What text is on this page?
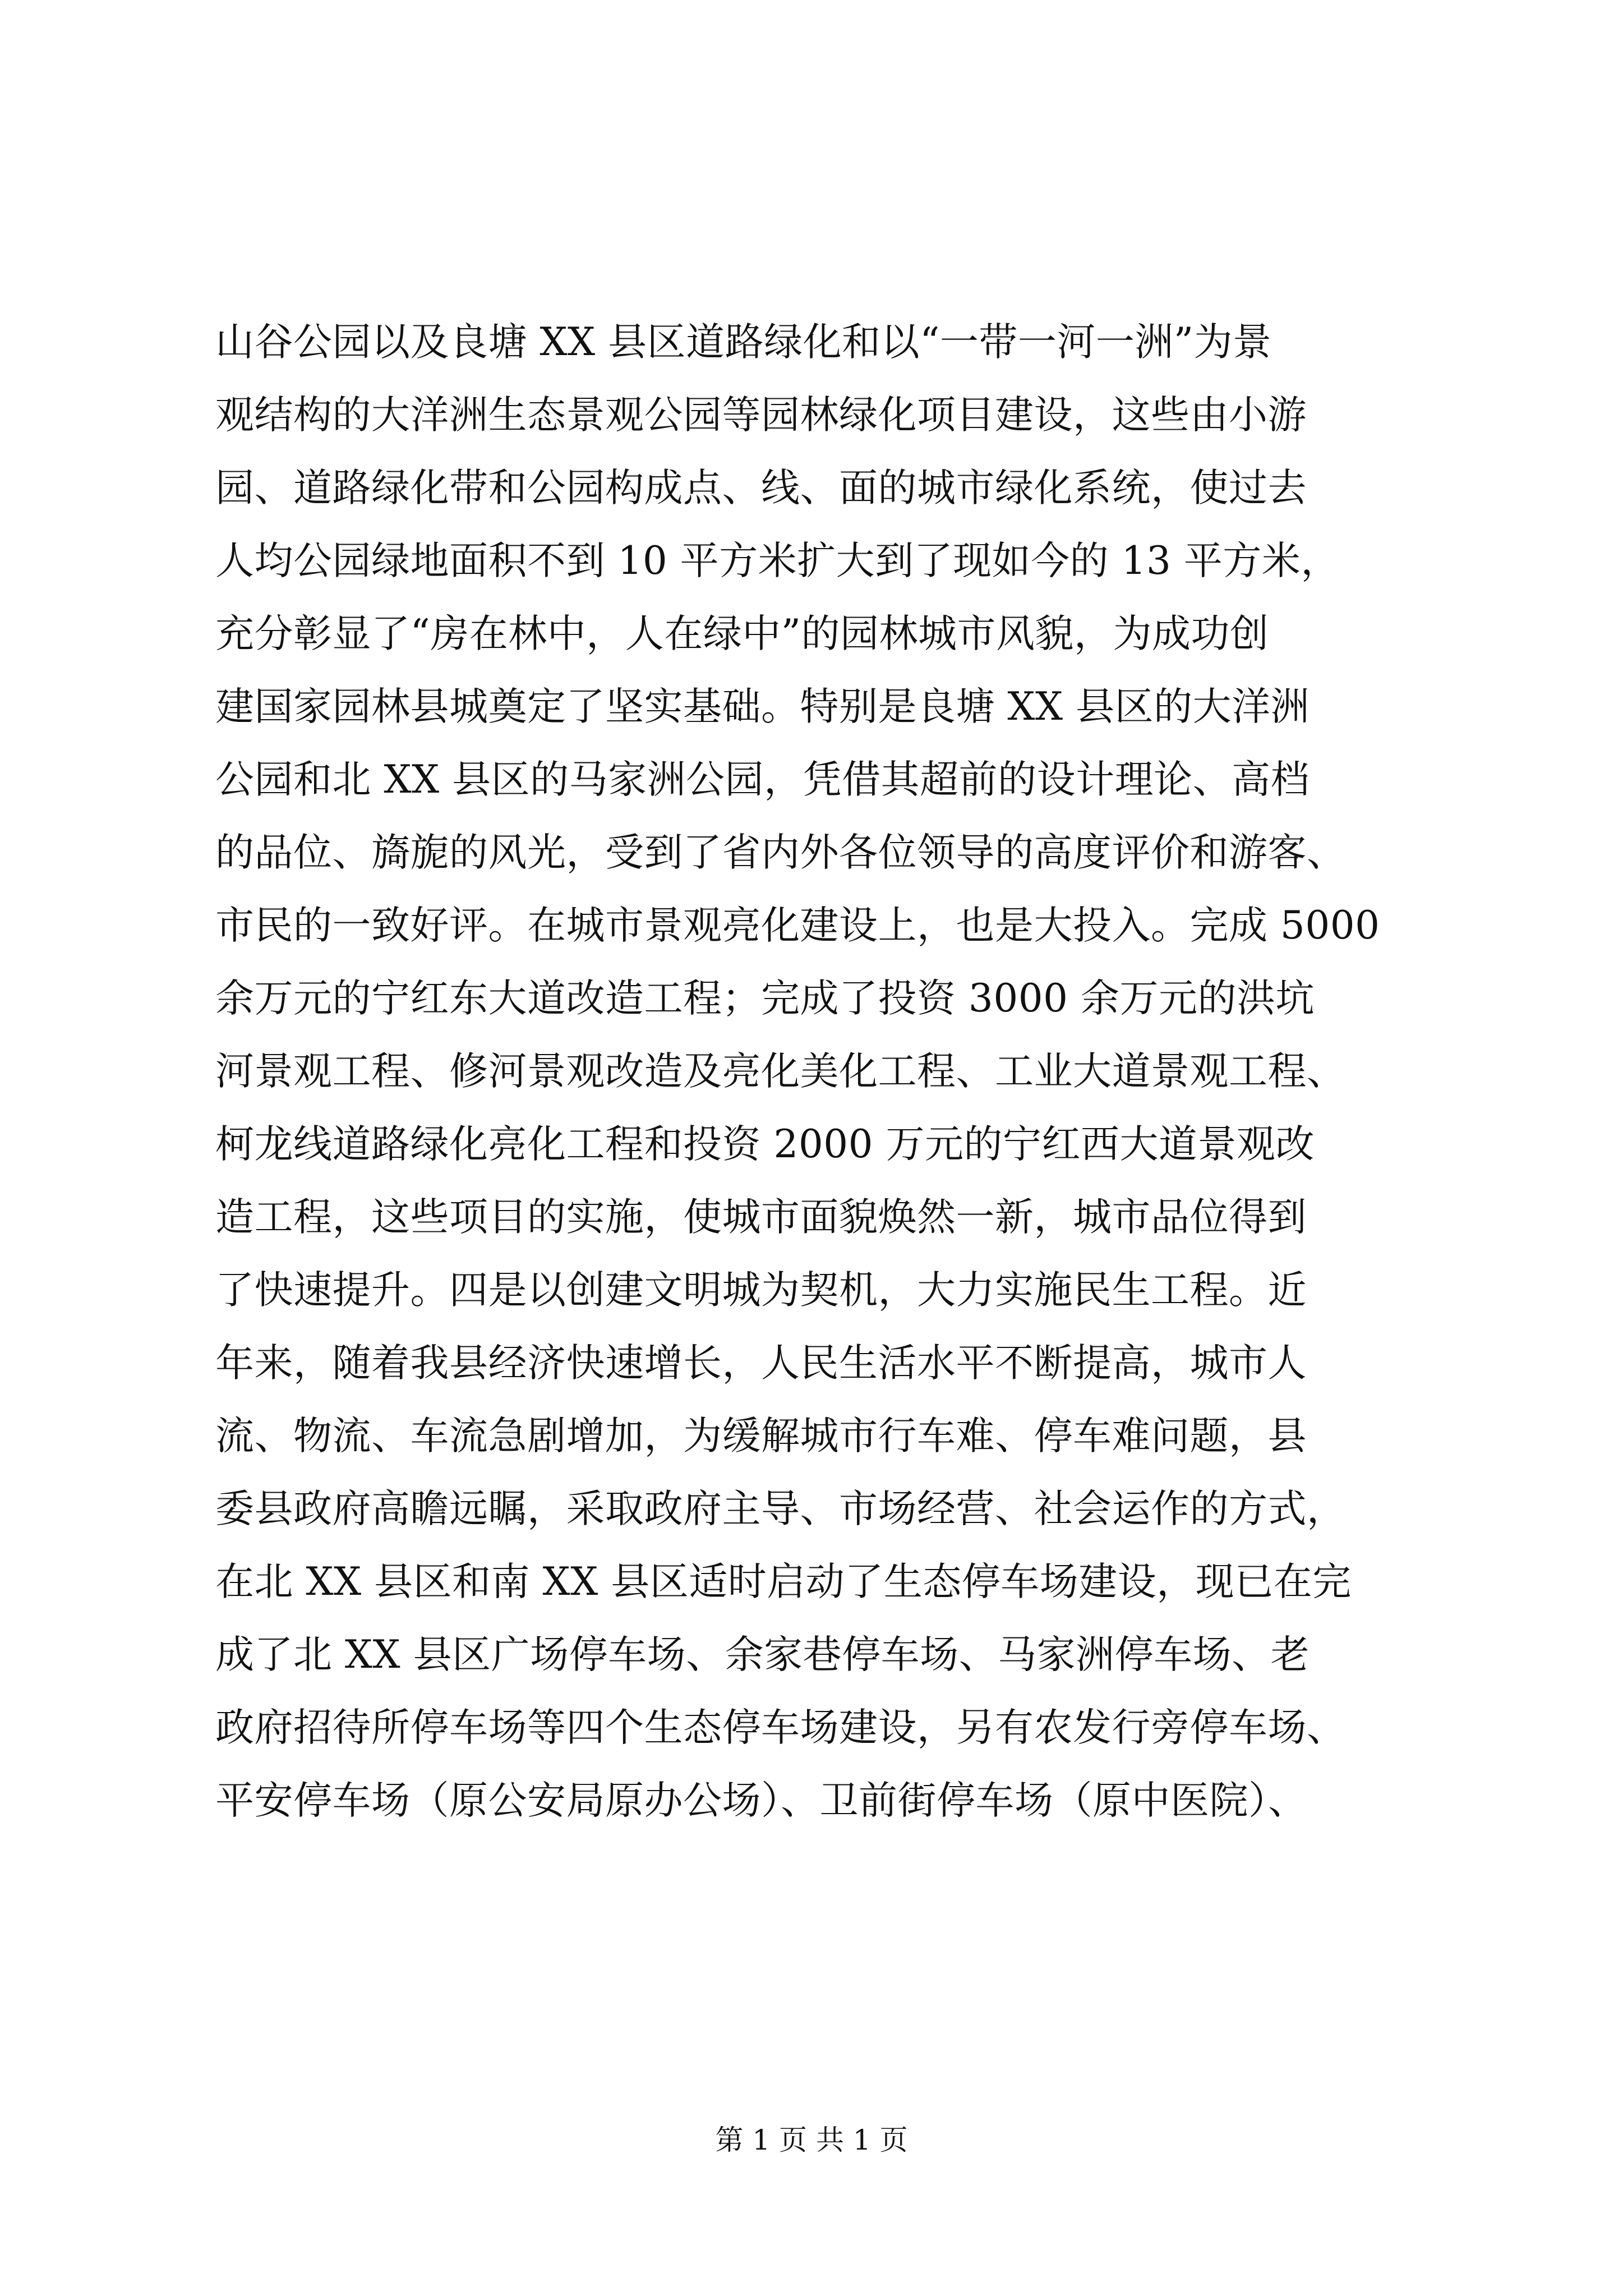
山谷公园以及良塘 XX 县区道路绿化和以“一带一河一洲”为景
观结构的大洋洲生态景观公园等园林绿化项目建设，这些由小游
园、道路绿化带和公园构成点、线、面的城市绿化系统，使过去
人均公园绿地面积不到 10 平方米扩大到了现如今的 13 平方米，
充分彰显了“房在林中，人在绿中”的园林城市风貌，为成功创
建国家园林县城奠定了坚实基础。特别是良塘 XX 县区的大洋洲
公园和北 XX 县区的马家洲公园，凭借其超前的设计理论、高档
的品位、旖旎的风光，受到了省内外各位领导的高度评价和游客、
市民的一致好评。在城市景观亮化建设上，也是大投入。完成 5000
余万元的宁红东大道改造工程；完成了投资 3000 余万元的洪坑
河景观工程、修河景观改造及亮化美化工程、工业大道景观工程、
柯龙线道路绿化亮化工程和投资 2000 万元的宁红西大道景观改
造工程，这些项目的实施，使城市面貌焕然一新，城市品位得到
了快速提升。四是以创建文明城为契机，大力实施民生工程。近
年来，随着我县经济快速增长，人民生活水平不断提高，城市人
流、物流、车流急剧增加，为缓解城市行车难、停车难问题，县
委县政府高瞻远瞩，采取政府主导、市场经营、社会运作的方式，
在北 XX 县区和南 XX 县区适时启动了生态停车场建设，现已在完
成了北 XX 县区广场停车场、余家巷停车场、马家洲停车场、老
政府招待所停车场等四个生态停车场建设，另有农发行旁停车场、
平安停车场（原公安局原办公场）、卫前街停车场（原中医院）、
第 1 页 共 1 页
